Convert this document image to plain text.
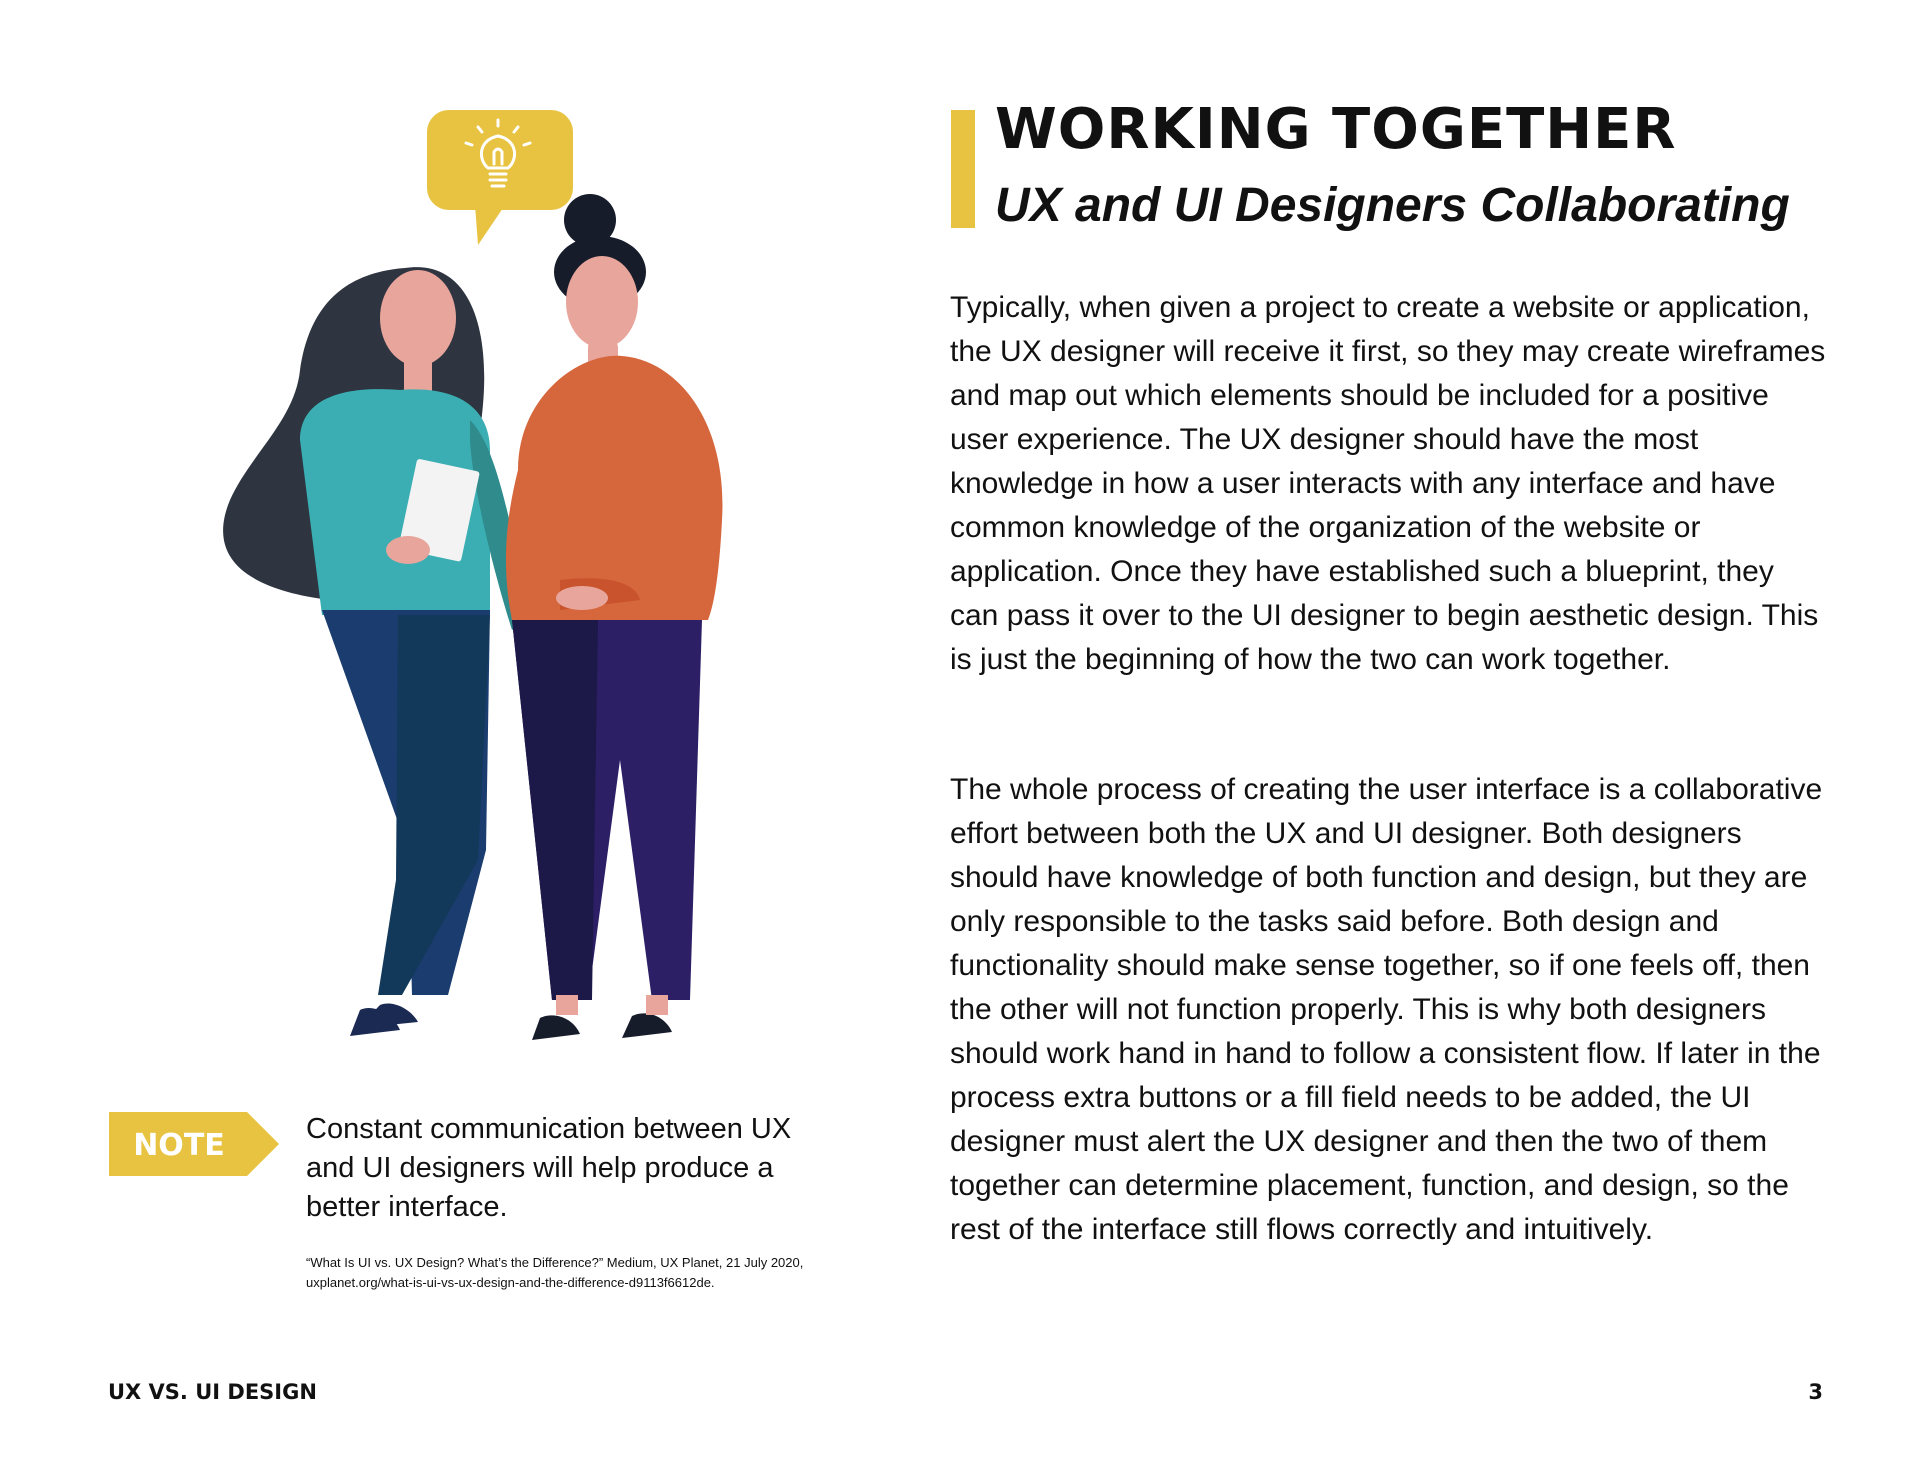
WORKING TOGETHER
UX and UI Designers Collaborating

Typically, when given a project to create a website or application, the UX designer will receive it first, so they may create wireframes and map out which elements should be included for a positive user experience. The UX designer should have the most knowledge in how a user interacts with any interface and have common knowledge of the organization of the website or application. Once they have established such a blueprint, they can pass it over to the UI designer to begin aesthetic design. This is just the beginning of how the two can work together.

The whole process of creating the user interface is a collaborative effort between both the UX and UI designer. Both designers should have knowledge of both function and design, but they are only responsible to the tasks said before. Both design and functionality should make sense together, so if one feels off, then the other will not function properly. This is why both designers should work hand in hand to follow a consistent flow. If later in the process extra buttons or a fill field needs to be added, the UI designer must alert the UX designer and then the two of them together can determine placement, function, and design, so the rest of the interface still flows correctly and intuitively.

NOTE	Constant communication between UX and UI designers will help produce a better interface.

“What Is UI vs. UX Design? What’s the Difference?” Medium, UX Planet, 21 July 2020, uxplanet.org/what-is-ui-vs-ux-design-and-the-difference-d9113f6612de.

UX VS. UI DESIGN	3
